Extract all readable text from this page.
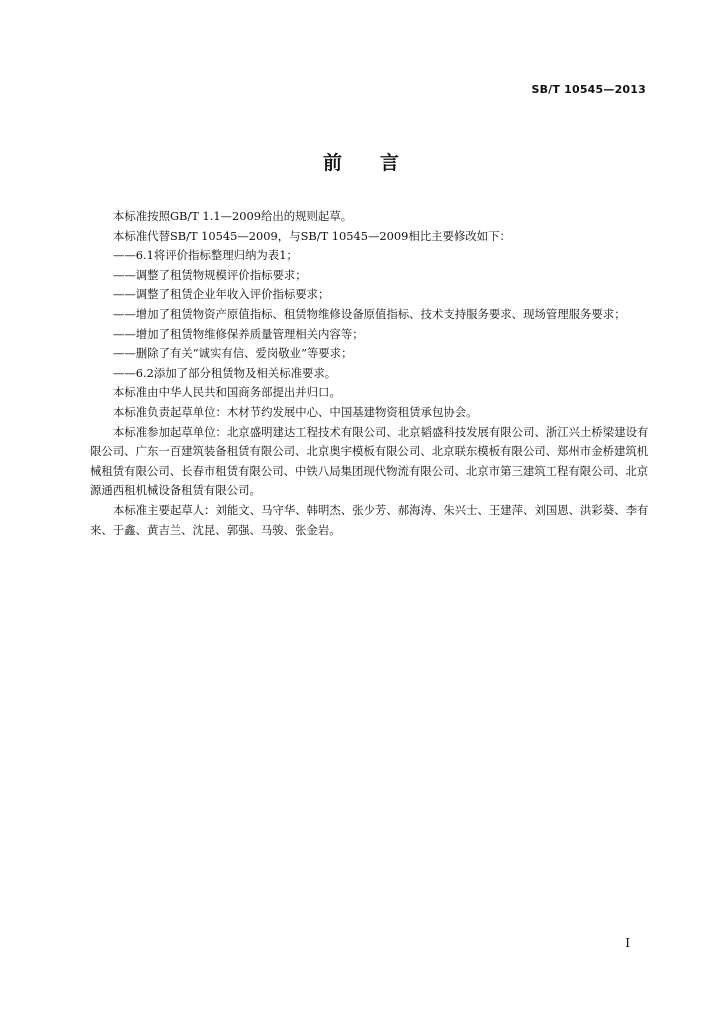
SB/T 10545—2013
前言

本标准按照GB/T 1.1—2009给出的规则起草。

本标准代替SB/T 10545—2009，与SB/T 10545—2009相比主要修改如下：

——6.1将评价指标整理归纳为表1；

——调整了租赁物规模评价指标要求；

——调整了租赁企业年收入评价指标要求；

——增加了租赁物资产原值指标、租赁物维修设备原值指标、技术支持服务要求、现场管理服务要求；

——增加了租赁物维修保养质量管理相关内容等；

——删除了有关“诚实有信、爱岗敬业”等要求；

——6.2添加了部分租赁物及相关标准要求。

本标准由中华人民共和国商务部提出并归口。

本标准负责起草单位：木材节约发展中心、中国基建物资租赁承包协会。

本标准参加起草单位：北京盛明建达工程技术有限公司、北京韬盛科技发展有限公司、浙江兴土桥梁建设有限公司、广东一百建筑装备租赁有限公司、北京奥宇模板有限公司、北京联东模板有限公司、郑州市金桥建筑机械租赁有限公司、长春市租赁有限公司、中铁八局集团现代物流有限公司、北京市第三建筑工程有限公司、北京源通西租机械设备租赁有限公司。

本标准主要起草人：刘能文、马守华、韩明杰、张少芳、郝海涛、朱兴士、王建萍、刘国恩、洪彩葵、李有来、于鑫、黄吉兰、沈昆、郭强、马骏、张金岩。

I
